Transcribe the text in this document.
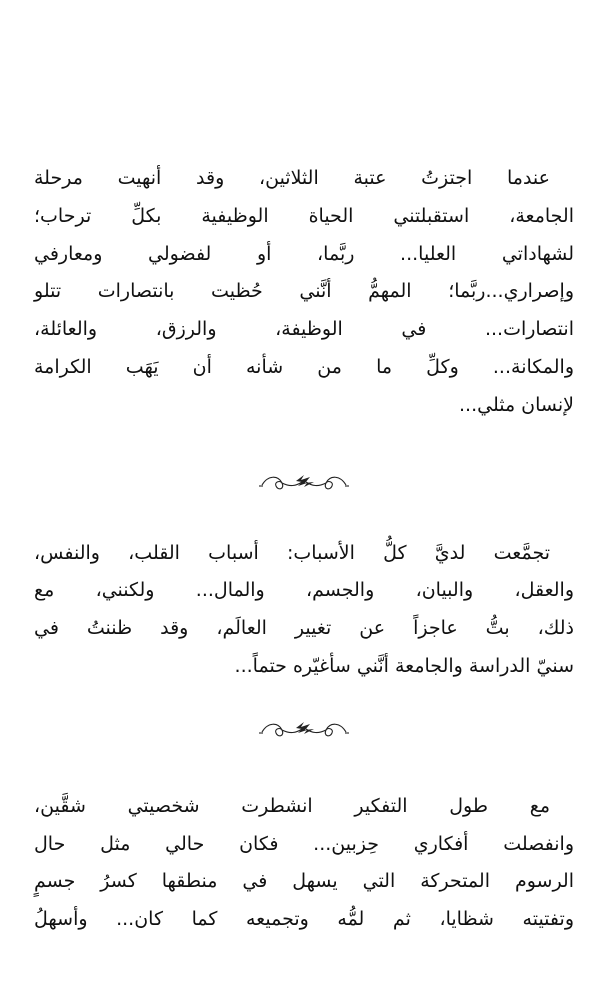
عندما اجتزتُ عتبة الثلاثين، وقد أنهيت مرحلة
الجامعة، استقبلتني الحياة الوظيفية بكلِّ ترحاب؛
لشهاداتي العليا... ربَّما، أو لفضولي ومعارفي
وإصراري...ربَّما؛ المهمُّ أنَّني حُظيت بانتصارات تتلو
انتصارات... في الوظيفة، والرزق، والعائلة،
والمكانة... وكلِّ ما من شأنه أن يَهَب الكرامة
لإنسان مثلي...

تجمَّعت لديَّ كلُّ الأسباب: أسباب القلب، والنفس،
والعقل، والبيان، والجسم، والمال... ولكنني، مع
ذلك، بتُّ عاجزاً عن تغيير العالَم، وقد ظننتُ في
سنيّ الدراسة والجامعة أنَّني سأغيّره حتماً...

مع طول التفكير انشطرت شخصيتي شقَّين،
وانفصلت أفكاري حِزبين... فكان حالي مثل حال
الرسوم المتحركة التي يسهل في منطقها كسرُ جسمٍ
وتفتيته شظايا، ثم لمُّه وتجميعه كما كان... وأسهلُ
